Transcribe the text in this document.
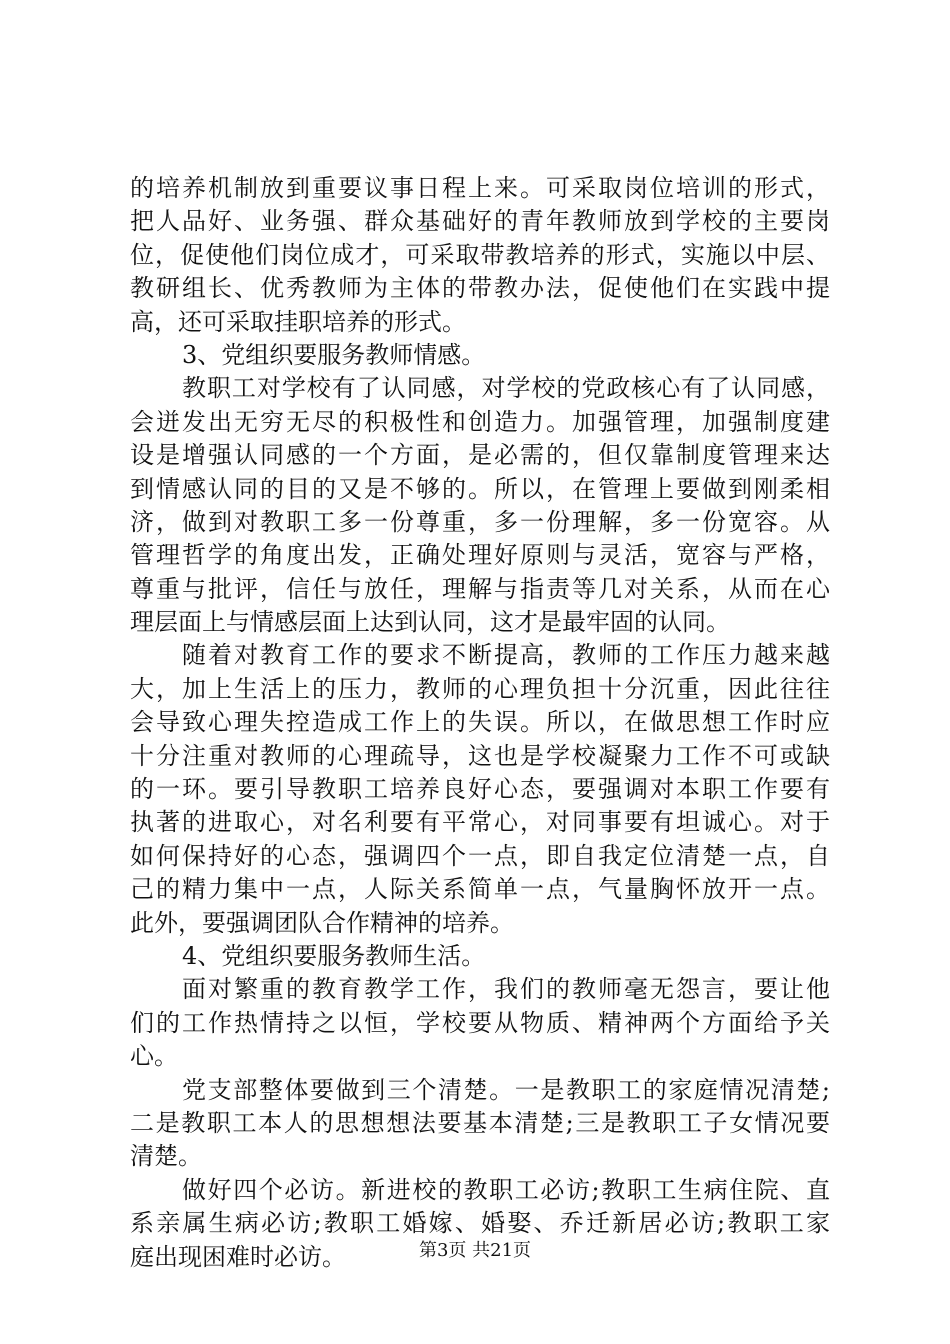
的培养机制放到重要议事日程上来。可采取岗位培训的形式，
把人品好、业务强、群众基础好的青年教师放到学校的主要岗
位，促使他们岗位成才，可采取带教培养的形式，实施以中层、
教研组长、优秀教师为主体的带教办法，促使他们在实践中提
高，还可采取挂职培养的形式。
3、党组织要服务教师情感。
教职工对学校有了认同感，对学校的党政核心有了认同感，
会迸发出无穷无尽的积极性和创造力。加强管理，加强制度建
设是增强认同感的一个方面，是必需的，但仅靠制度管理来达
到情感认同的目的又是不够的。所以，在管理上要做到刚柔相
济，做到对教职工多一份尊重，多一份理解，多一份宽容。从
管理哲学的角度出发，正确处理好原则与灵活，宽容与严格，
尊重与批评，信任与放任，理解与指责等几对关系，从而在心
理层面上与情感层面上达到认同，这才是最牢固的认同。
随着对教育工作的要求不断提高，教师的工作压力越来越
大，加上生活上的压力，教师的心理负担十分沉重，因此往往
会导致心理失控造成工作上的失误。所以，在做思想工作时应
十分注重对教师的心理疏导，这也是学校凝聚力工作不可或缺
的一环。要引导教职工培养良好心态，要强调对本职工作要有
执著的进取心，对名利要有平常心，对同事要有坦诚心。对于
如何保持好的心态，强调四个一点，即自我定位清楚一点，自
己的精力集中一点，人际关系简单一点，气量胸怀放开一点。
此外，要强调团队合作精神的培养。
4、党组织要服务教师生活。
面对繁重的教育教学工作，我们的教师毫无怨言，要让他
们的工作热情持之以恒，学校要从物质、精神两个方面给予关
心。
党支部整体要做到三个清楚。一是教职工的家庭情况清楚;
二是教职工本人的思想想法要基本清楚;三是教职工子女情况要
清楚。
做好四个必访。新进校的教职工必访;教职工生病住院、直
系亲属生病必访;教职工婚嫁、婚娶、乔迁新居必访;教职工家
庭出现困难时必访。	第3页 共21页
